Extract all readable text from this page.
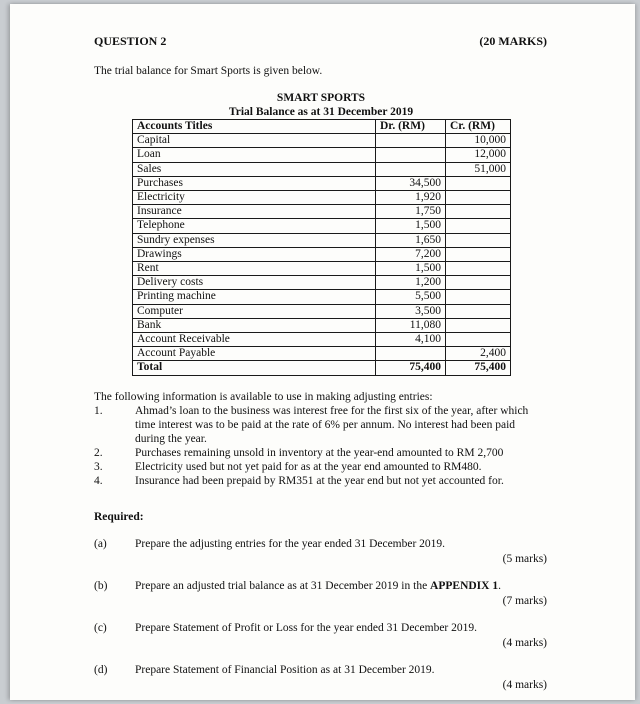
QUESTION 2	(20 MARKS)

The trial balance for Smart Sports is given below.

SMART SPORTS
Trial Balance as at 31 December 2019
Accounts Titles	Dr. (RM)	Cr. (RM)
Capital		10,000
Loan		12,000
Sales		51,000
Purchases	34,500	
Electricity	1,920	
Insurance	1,750	
Telephone	1,500	
Sundry expenses	1,650	
Drawings	7,200	
Rent	1,500	
Delivery costs	1,200	
Printing machine	5,500	
Computer	3,500	
Bank	11,080	
Account Receivable	4,100	
Account Payable		2,400
Total	75,400	75,400
The following information is available to use in making adjusting entries:
1.	Ahmad’s loan to the business was interest free for the first six of the year, after which time interest was to be paid at the rate of 6% per annum. No interest had been paid during the year.
2.	Purchases remaining unsold in inventory at the year-end amounted to RM 2,700
3.	Electricity used but not yet paid for as at the year end amounted to RM480.
4.	Insurance had been prepaid by RM351 at the year end but not yet accounted for.
Required:
(a)	Prepare the adjusting entries for the year ended 31 December 2019.
(5 marks)
(b)	Prepare an adjusted trial balance as at 31 December 2019 in the APPENDIX 1.
(7 marks)
(c)	Prepare Statement of Profit or Loss for the year ended 31 December 2019.
(4 marks)
(d)	Prepare Statement of Financial Position as at 31 December 2019.
(4 marks)
